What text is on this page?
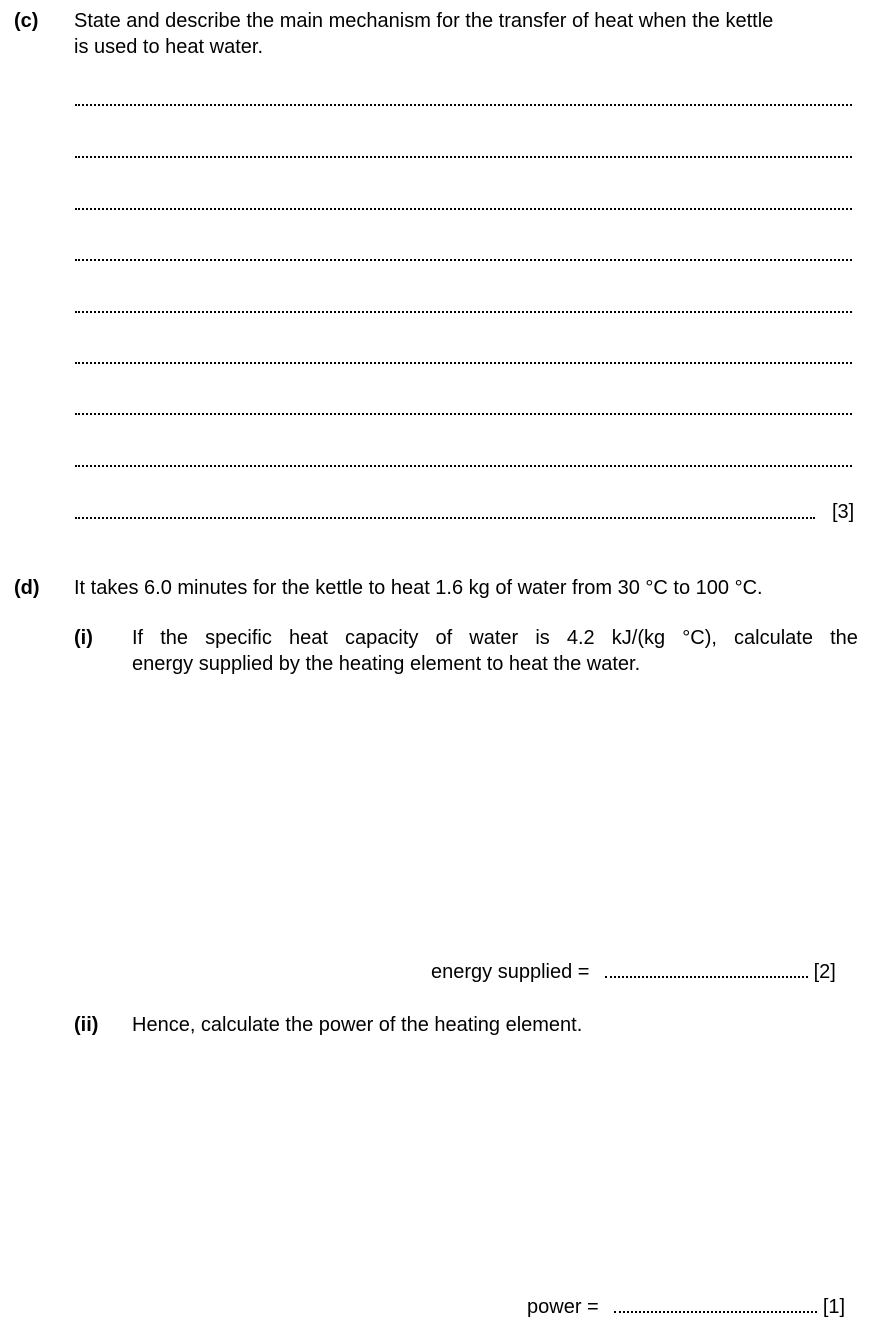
(c) State and describe the main mechanism for the transfer of heat when the kettle
is used to heat water.
[3]
(d) It takes 6.0 minutes for the kettle to heat 1.6 kg of water from 30 °C to 100 °C.
(i) If the specific heat capacity of water is 4.2 kJ/(kg °C), calculate the
energy supplied by the heating element to heat the water.
energy supplied =	[2]
(ii) Hence, calculate the power of the heating element.
power =	[1]
